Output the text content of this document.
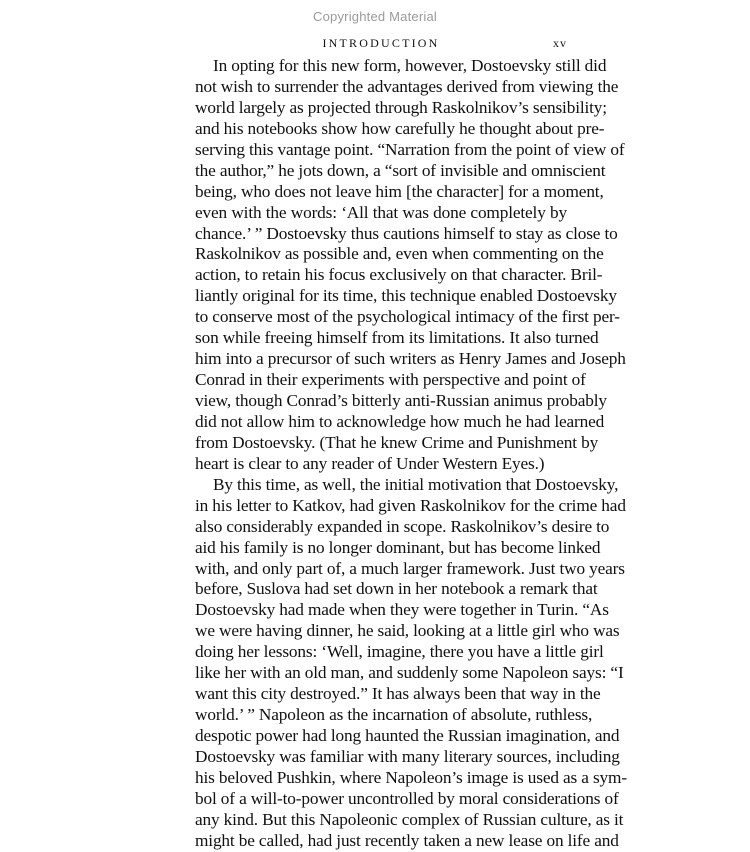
Copyrighted Material
INTRODUCTION	xv

In opting for this new form, however, Dostoevsky still did
not wish to surrender the advantages derived from viewing the
world largely as projected through Raskolnikov’s sensibility;
and his notebooks show how carefully he thought about pre-
serving this vantage point. “Narration from the point of view of
the author,” he jots down, a “sort of invisible and omniscient
being, who does not leave him [the character] for a moment,
even with the words: ‘All that was done completely by
chance.’ ” Dostoevsky thus cautions himself to stay as close to
Raskolnikov as possible and, even when commenting on the
action, to retain his focus exclusively on that character. Bril-
liantly original for its time, this technique enabled Dostoevsky
to conserve most of the psychological intimacy of the first per-
son while freeing himself from its limitations. It also turned
him into a precursor of such writers as Henry James and Joseph
Conrad in their experiments with perspective and point of
view, though Conrad’s bitterly anti-Russian animus probably
did not allow him to acknowledge how much he had learned
from Dostoevsky. (That he knew Crime and Punishment by
heart is clear to any reader of Under Western Eyes.)

By this time, as well, the initial motivation that Dostoevsky,
in his letter to Katkov, had given Raskolnikov for the crime had
also considerably expanded in scope. Raskolnikov’s desire to
aid his family is no longer dominant, but has become linked
with, and only part of, a much larger framework. Just two years
before, Suslova had set down in her notebook a remark that
Dostoevsky had made when they were together in Turin. “As
we were having dinner, he said, looking at a little girl who was
doing her lessons: ‘Well, imagine, there you have a little girl
like her with an old man, and suddenly some Napoleon says: “I
want this city destroyed.” It has always been that way in the
world.’ ” Napoleon as the incarnation of absolute, ruthless,
despotic power had long haunted the Russian imagination, and
Dostoevsky was familiar with many literary sources, including
his beloved Pushkin, where Napoleon’s image is used as a sym-
bol of a will-to-power uncontrolled by moral considerations of
any kind. But this Napoleonic complex of Russian culture, as it
might be called, had just recently taken a new lease on life and
